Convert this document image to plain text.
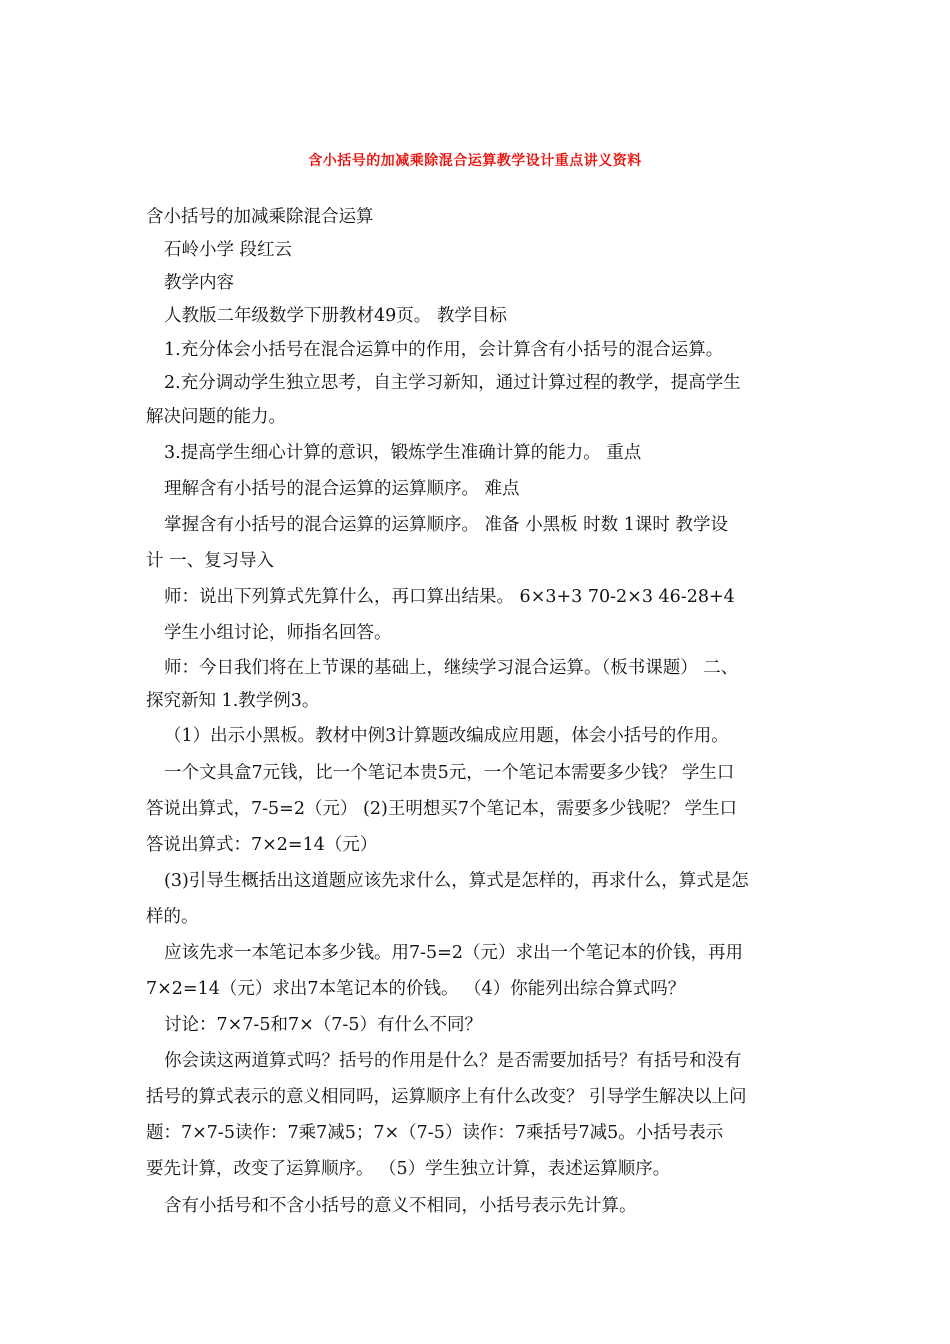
含小括号的加减乘除混合运算教学设计重点讲义资料
含小括号的加减乘除混合运算
石岭小学 段红云
教学内容
人教版二年级数学下册教材49页。 教学目标
1.充分体会小括号在混合运算中的作用，会计算含有小括号的混合运算。
2.充分调动学生独立思考，自主学习新知，通过计算过程的教学，提高学生
解决问题的能力。
3.提高学生细心计算的意识，锻炼学生准确计算的能力。 重点
理解含有小括号的混合运算的运算顺序。 难点
掌握含有小括号的混合运算的运算顺序。 准备 小黑板 时数 1课时 教学设
计 一、复习导入
师：说出下列算式先算什么，再口算出结果。 6×3+3 70-2×3 46-28+4
学生小组讨论，师指名回答。
师：今日我们将在上节课的基础上，继续学习混合运算。（板书课题） 二、
探究新知 1.教学例3。
（1）出示小黑板。教材中例3计算题改编成应用题，体会小括号的作用。
一个文具盒7元钱，比一个笔记本贵5元，一个笔记本需要多少钱？ 学生口
答说出算式，7-5=2（元） (2)王明想买7个笔记本，需要多少钱呢？ 学生口
答说出算式：7×2=14（元）
(3)引导生概括出这道题应该先求什么，算式是怎样的，再求什么，算式是怎
样的。
应该先求一本笔记本多少钱。用7-5=2（元）求出一个笔记本的价钱，再用
7×2=14（元）求出7本笔记本的价钱。 （4）你能列出综合算式吗？
讨论：7×7-5和7×（7-5）有什么不同？
你会读这两道算式吗？括号的作用是什么？是否需要加括号？有括号和没有
括号的算式表示的意义相同吗，运算顺序上有什么改变？ 引导学生解决以上问
题：7×7-5读作：7乘7减5；7×（7-5）读作：7乘括号7减5。小括号表示
要先计算，改变了运算顺序。 （5）学生独立计算，表述运算顺序。
含有小括号和不含小括号的意义不相同，小括号表示先计算。
